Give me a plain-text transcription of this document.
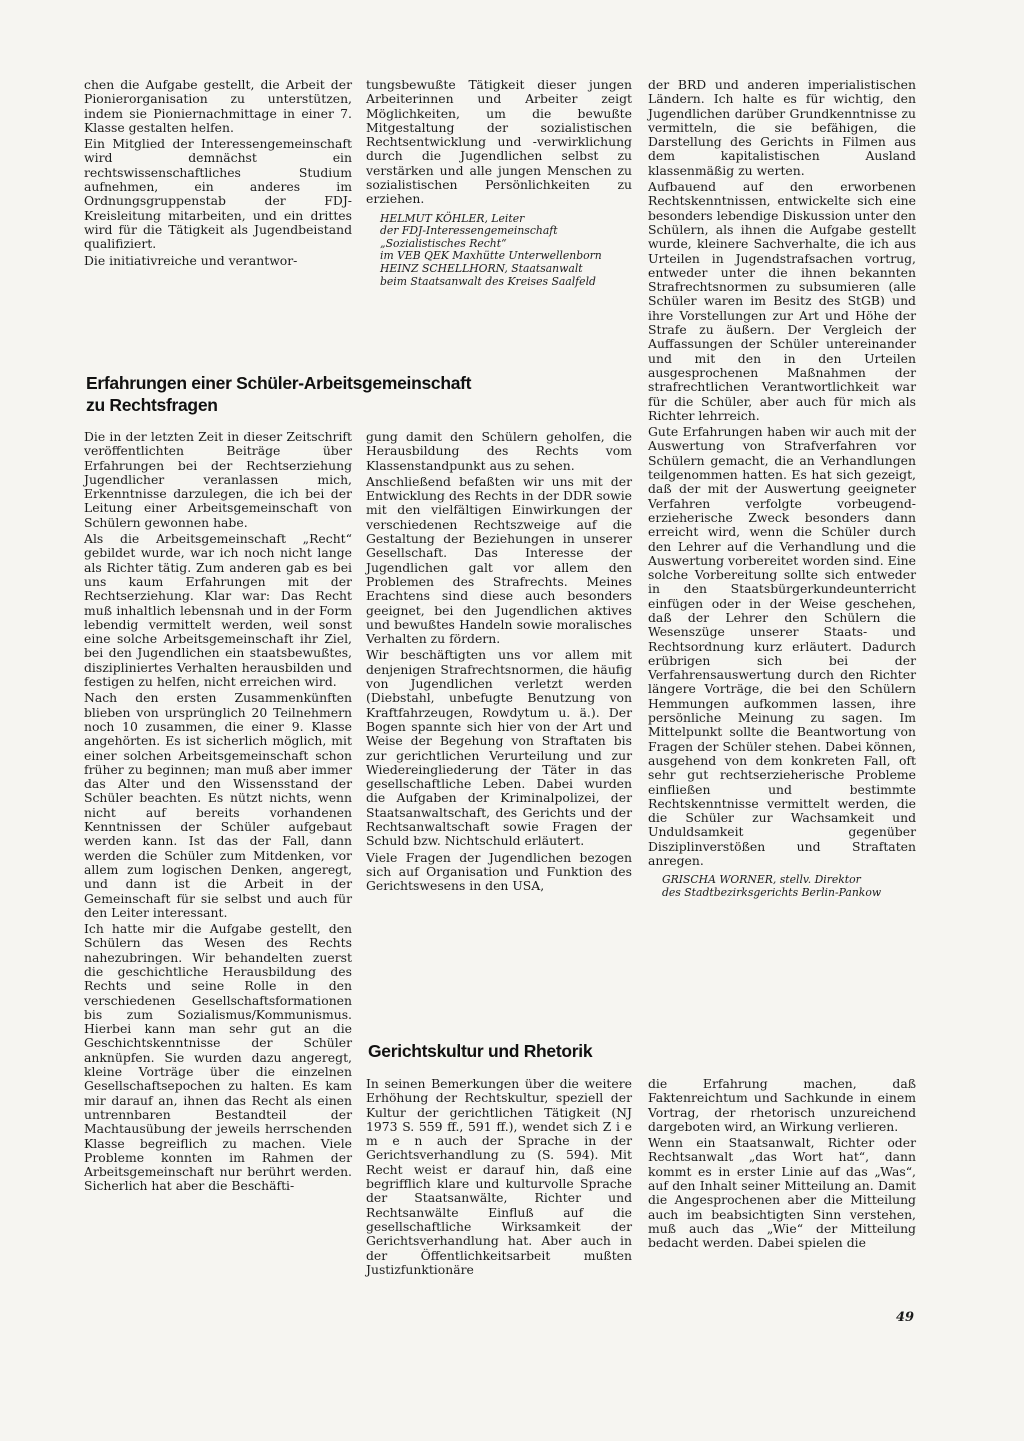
chen die Aufgabe gestellt, die Arbeit der Pionierorganisation zu unterstützen, indem sie Pioniernachmittage in einer 7. Klasse gestalten helfen.

Ein Mitglied der Interessengemeinschaft wird demnächst ein rechtswissenschaftliches Studium aufnehmen, ein anderes im Ordnungsgruppenstab der FDJ-Kreisleitung mitarbeiten, und ein drittes wird für die Tätigkeit als Jugendbeistand qualifiziert.

Die initiativreiche und verantwor-

tungsbewußte Tätigkeit dieser jungen Arbeiterinnen und Arbeiter zeigt Möglichkeiten, um die bewußte Mitgestaltung der sozialistischen Rechtsentwicklung und -verwirklichung durch die Jugendlichen selbst zu verstärken und alle jungen Menschen zu sozialistischen Persönlichkeiten zu erziehen.

HELMUT KÖHLER, Leiter
der FDJ-Interessengemeinschaft
„Sozialistisches Recht“
im VEB QEK Maxhütte Unterwellenborn
HEINZ SCHELLHORN, Staatsanwalt
beim Staatsanwalt des Kreises Saalfeld

der BRD und anderen imperialistischen Ländern. Ich halte es für wichtig, den Jugendlichen darüber Grundkenntnisse zu vermitteln, die sie befähigen, die Darstellung des Gerichts in Filmen aus dem kapitalistischen Ausland klassenmäßig zu werten.

Aufbauend auf den erworbenen Rechtskenntnissen, entwickelte sich eine besonders lebendige Diskussion unter den Schülern, als ihnen die Aufgabe gestellt wurde, kleinere Sachverhalte, die ich aus Urteilen in Jugendstrafsachen vortrug, entweder unter die ihnen bekannten Strafrechtsnormen zu subsumieren (alle Schüler waren im Besitz des StGB) und ihre Vorstellungen zur Art und Höhe der Strafe zu äußern. Der Vergleich der Auffassungen der Schüler untereinander und mit den in den Urteilen ausgesprochenen Maßnahmen der strafrechtlichen Verantwortlichkeit war für die Schüler, aber auch für mich als Richter lehrreich.

Gute Erfahrungen haben wir auch mit der Auswertung von Strafverfahren vor Schülern gemacht, die an Verhandlungen teilgenommen hatten. Es hat sich gezeigt, daß der mit der Auswertung geeigneter Verfahren verfolgte vorbeugend-erzieherische Zweck besonders dann erreicht wird, wenn die Schüler durch den Lehrer auf die Verhandlung und die Auswertung vorbereitet worden sind. Eine solche Vorbereitung sollte sich entweder in den Staatsbürgerkundeunterricht einfügen oder in der Weise geschehen, daß der Lehrer den Schülern die Wesenszüge unserer Staats- und Rechtsordnung kurz erläutert. Dadurch erübrigen sich bei der Verfahrensauswertung durch den Richter längere Vorträge, die bei den Schülern Hemmungen aufkommen lassen, ihre persönliche Meinung zu sagen. Im Mittelpunkt sollte die Beantwortung von Fragen der Schüler stehen. Dabei können, ausgehend von dem konkreten Fall, oft sehr gut rechtserzieherische Probleme einfließen und bestimmte Rechtskenntnisse vermittelt werden, die die Schüler zur Wachsamkeit und Unduldsamkeit gegenüber Disziplinverstößen und Straftaten anregen.

GRISCHA WORNER, stellv. Direktor
des Stadtbezirksgerichts Berlin-Pankow
Erfahrungen einer Schüler-Arbeitsgemeinschaft
zu Rechtsfragen

Die in der letzten Zeit in dieser Zeitschrift veröffentlichten Beiträge über Erfahrungen bei der Rechtserziehung Jugendlicher veranlassen mich, Erkenntnisse darzulegen, die ich bei der Leitung einer Arbeitsgemeinschaft von Schülern gewonnen habe.

Als die Arbeitsgemeinschaft „Recht“ gebildet wurde, war ich noch nicht lange als Richter tätig. Zum anderen gab es bei uns kaum Erfahrungen mit der Rechtserziehung. Klar war: Das Recht muß inhaltlich lebensnah und in der Form lebendig vermittelt werden, weil sonst eine solche Arbeitsgemeinschaft ihr Ziel, bei den Jugendlichen ein staatsbewußtes, diszipliniertes Verhalten herausbilden und festigen zu helfen, nicht erreichen wird.

Nach den ersten Zusammenkünften blieben von ursprünglich 20 Teilnehmern noch 10 zusammen, die einer 9. Klasse angehörten. Es ist sicherlich möglich, mit einer solchen Arbeitsgemeinschaft schon früher zu beginnen; man muß aber immer das Alter und den Wissensstand der Schüler beachten. Es nützt nichts, wenn nicht auf bereits vorhandenen Kenntnissen der Schüler aufgebaut werden kann. Ist das der Fall, dann werden die Schüler zum Mitdenken, vor allem zum logischen Denken, angeregt, und dann ist die Arbeit in der Gemeinschaft für sie selbst und auch für den Leiter interessant.

Ich hatte mir die Aufgabe gestellt, den Schülern das Wesen des Rechts nahezubringen. Wir behandelten zuerst die geschichtliche Herausbildung des Rechts und seine Rolle in den verschiedenen Gesellschaftsformationen bis zum Sozialismus/Kommunismus. Hierbei kann man sehr gut an die Geschichtskenntnisse der Schüler anknüpfen. Sie wurden dazu angeregt, kleine Vorträge über die einzelnen Gesellschaftsepochen zu halten. Es kam mir darauf an, ihnen das Recht als einen untrennbaren Bestandteil der Machtausübung der jeweils herrschenden Klasse begreiflich zu machen. Viele Probleme konnten im Rahmen der Arbeitsgemeinschaft nur berührt werden. Sicherlich hat aber die Beschäfti-

gung damit den Schülern geholfen, die Herausbildung des Rechts vom Klassenstandpunkt aus zu sehen.

Anschließend befaßten wir uns mit der Entwicklung des Rechts in der DDR sowie mit den vielfältigen Einwirkungen der verschiedenen Rechtszweige auf die Gestaltung der Beziehungen in unserer Gesellschaft. Das Interesse der Jugendlichen galt vor allem den Problemen des Strafrechts. Meines Erachtens sind diese auch besonders geeignet, bei den Jugendlichen aktives und bewußtes Handeln sowie moralisches Verhalten zu fördern.

Wir beschäftigten uns vor allem mit denjenigen Strafrechtsnormen, die häufig von Jugendlichen verletzt werden (Diebstahl, unbefugte Benutzung von Kraftfahrzeugen, Rowdytum u. ä.). Der Bogen spannte sich hier von der Art und Weise der Begehung von Straftaten bis zur gerichtlichen Verurteilung und zur Wiedereingliederung der Täter in das gesellschaftliche Leben. Dabei wurden die Aufgaben der Kriminalpolizei, der Staatsanwaltschaft, des Gerichts und der Rechtsanwaltschaft sowie Fragen der Schuld bzw. Nichtschuld erläutert.

Viele Fragen der Jugendlichen bezogen sich auf Organisation und Funktion des Gerichtswesens in den USA,

Gerichtskultur und Rhetorik

In seinen Bemerkungen über die weitere Erhöhung der Rechtskultur, speziell der Kultur der gerichtlichen Tätigkeit (NJ 1973 S. 559 ff., 591 ff.), wendet sich Z i e m e n auch der Sprache in der Gerichtsverhandlung zu (S. 594). Mit Recht weist er darauf hin, daß eine begrifflich klare und kulturvolle Sprache der Staatsanwälte, Richter und Rechtsanwälte Einfluß auf die gesellschaftliche Wirksamkeit der Gerichtsverhandlung hat. Aber auch in der Öffentlichkeitsarbeit mußten Justizfunktionäre

die Erfahrung machen, daß Faktenreichtum und Sachkunde in einem Vortrag, der rhetorisch unzureichend dargeboten wird, an Wirkung verlieren.

Wenn ein Staatsanwalt, Richter oder Rechtsanwalt „das Wort hat“, dann kommt es in erster Linie auf das „Was“, auf den Inhalt seiner Mitteilung an. Damit die Angesprochenen aber die Mitteilung auch im beabsichtigten Sinn verstehen, muß auch das „Wie“ der Mitteilung bedacht werden. Dabei spielen die

49
